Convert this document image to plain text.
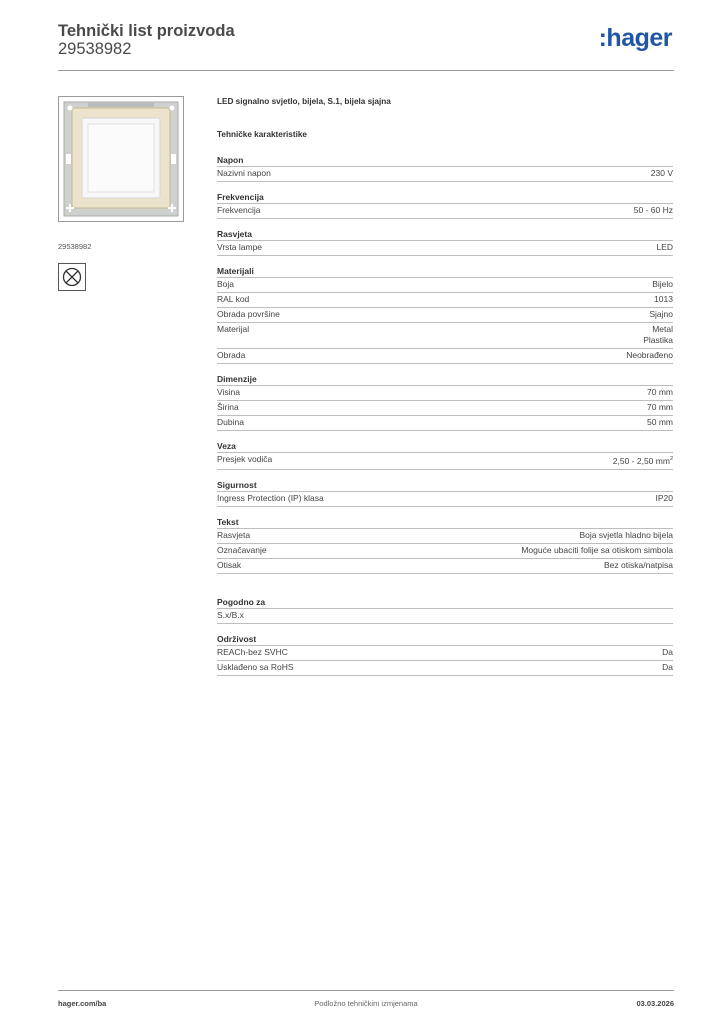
Tehnički list proizvoda
29538982	:hager
29538982
LED signalno svjetlo, bijela, S.1, bijela sjajna
Tehničke karakteristike
Napon
Nazivni napon	230 V
Frekvencija
Frekvencija	50 - 60 Hz
Rasvjeta
Vrsta lampe	LED
Materijali
Boja	Bijelo
RAL kod	1013
Obrada površine	Sjajno
Materijal	Metal
Plastika
Obrada	Neobrađeno
Dimenzije
Visina	70 mm
Širina	70 mm
Dubina	50 mm
Veza
Presjek vodiča	2,50 - 2,50 $mm^2$
Sigurnost
Ingress Protection (IP) klasa	IP20
Tekst
Rasvjeta	Boja svjetla hladno bijela
Označavanje	Moguće ubaciti folije sa otiskom simbola
Otisak	Bez otiska/natpisa
Pogodno za
S.x/B.x
Održivost
REACh-bez SVHC	Da
Usklađeno sa RoHS	Da
hager.com/ba	Podložno tehničkim izmjenama	03.03.2026
